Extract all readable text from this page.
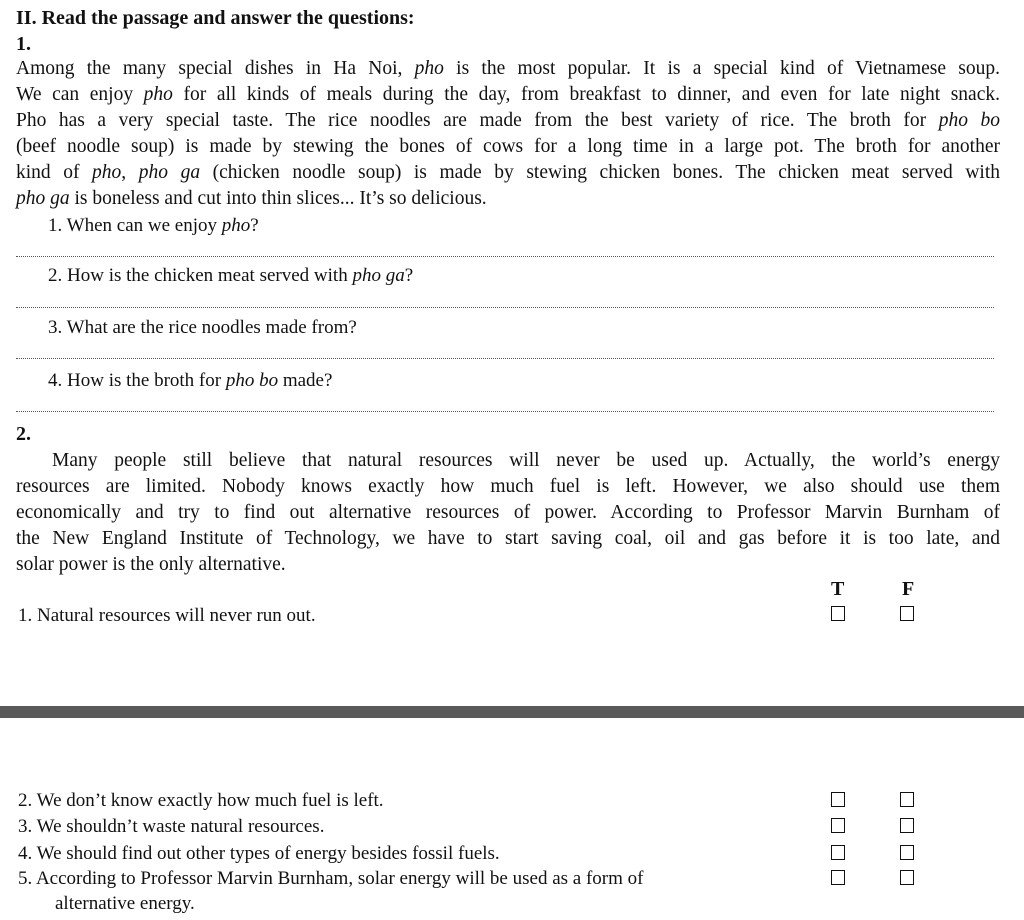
II. Read the passage and answer the questions:
1.
Among the many special dishes in Ha Noi, pho is the most popular. It is a special kind of Vietnamese soup.
We can enjoy pho for all kinds of meals during the day, from breakfast to dinner, and even for late night snack.
Pho has a very special taste. The rice noodles are made from the best variety of rice. The broth for pho bo
(beef noodle soup) is made by stewing the bones of cows for a long time in a large pot. The broth for another
kind of pho, pho ga (chicken noodle soup) is made by stewing chicken bones. The chicken meat served with
pho ga is boneless and cut into thin slices... It’s so delicious.
1. When can we enjoy pho?
2. How is the chicken meat served with pho ga?
3. What are the rice noodles made from?
4. How is the broth for pho bo made?
2.
Many people still believe that natural resources will never be used up. Actually, the world’s energy
resources are limited. Nobody knows exactly how much fuel is left. However, we also should use them
economically and try to find out alternative resources of power. According to Professor Marvin Burnham of
the New England Institute of Technology, we have to start saving coal, oil and gas before it is too late, and
solar power is the only alternative.
T	F
1. Natural resources will never run out.
2. We don’t know exactly how much fuel is left.
3. We shouldn’t waste natural resources.
4. We should find out other types of energy besides fossil fuels.
5. According to Professor Marvin Burnham, solar energy will be used as a form of
alternative energy.
